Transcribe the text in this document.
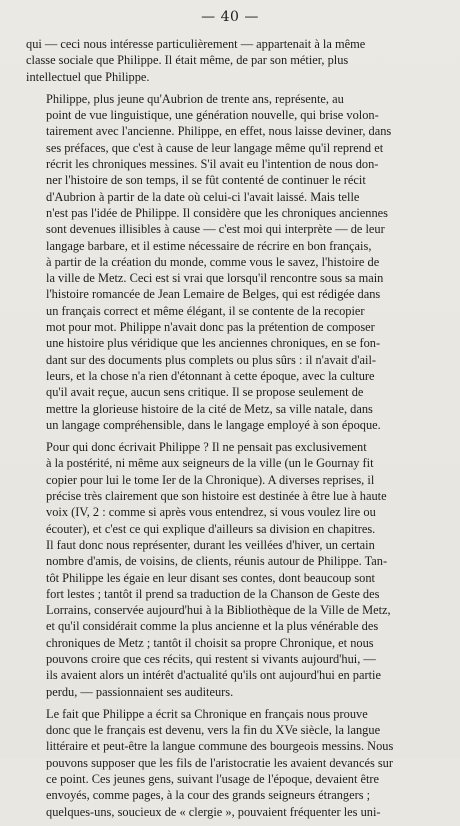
— 40 —

qui — ceci nous intéresse particulièrement — appartenait à la même
classe sociale que Philippe. Il était même, de par son métier, plus
intellectuel que Philippe.

Philippe, plus jeune qu'Aubrion de trente ans, représente, au
point de vue linguistique, une génération nouvelle, qui brise volon-
tairement avec l'ancienne. Philippe, en effet, nous laisse deviner, dans
ses préfaces, que c'est à cause de leur langage même qu'il reprend et
récrit les chroniques messines. S'il avait eu l'intention de nous don-
ner l'histoire de son temps, il se fût contenté de continuer le récit
d'Aubrion à partir de la date où celui-ci l'avait laissé. Mais telle
n'est pas l'idée de Philippe. Il considère que les chroniques anciennes
sont devenues illisibles à cause — c'est moi qui interprète — de leur
langage barbare, et il estime nécessaire de récrire en bon français,
à partir de la création du monde, comme vous le savez, l'histoire de
la ville de Metz. Ceci est si vrai que lorsqu'il rencontre sous sa main
l'histoire romancée de Jean Lemaire de Belges, qui est rédigée dans
un français correct et même élégant, il se contente de la recopier
mot pour mot. Philippe n'avait donc pas la prétention de composer
une histoire plus véridique que les anciennes chroniques, en se fon-
dant sur des documents plus complets ou plus sûrs : il n'avait d'ail-
leurs, et la chose n'a rien d'étonnant à cette époque, avec la culture
qu'il avait reçue, aucun sens critique. Il se propose seulement de
mettre la glorieuse histoire de la cité de Metz, sa ville natale, dans
un langage compréhensible, dans le langage employé à son époque.

Pour qui donc écrivait Philippe ? Il ne pensait pas exclusivement
à la postérité, ni même aux seigneurs de la ville (un le Gournay fit
copier pour lui le tome Ier de la Chronique). A diverses reprises, il
précise très clairement que son histoire est destinée à être lue à haute
voix (IV, 2 : comme si après vous entendrez, si vous voulez lire ou
écouter), et c'est ce qui explique d'ailleurs sa division en chapitres.
Il faut donc nous représenter, durant les veillées d'hiver, un certain
nombre d'amis, de voisins, de clients, réunis autour de Philippe. Tan-
tôt Philippe les égaie en leur disant ses contes, dont beaucoup sont
fort lestes ; tantôt il prend sa traduction de la Chanson de Geste des
Lorrains, conservée aujourd'hui à la Bibliothèque de la Ville de Metz,
et qu'il considérait comme la plus ancienne et la plus vénérable des
chroniques de Metz ; tantôt il choisit sa propre Chronique, et nous
pouvons croire que ces récits, qui restent si vivants aujourd'hui, —
ils avaient alors un intérêt d'actualité qu'ils ont aujourd'hui en partie
perdu, — passionnaient ses auditeurs.

Le fait que Philippe a écrit sa Chronique en français nous prouve
donc que le français est devenu, vers la fin du XVe siècle, la langue
littéraire et peut-être la langue commune des bourgeois messins. Nous
pouvons supposer que les fils de l'aristocratie les avaient devancés sur
ce point. Ces jeunes gens, suivant l'usage de l'époque, devaient être
envoyés, comme pages, à la cour des grands seigneurs étrangers ;
quelques-uns, soucieux de « clergie », pouvaient fréquenter les uni-
